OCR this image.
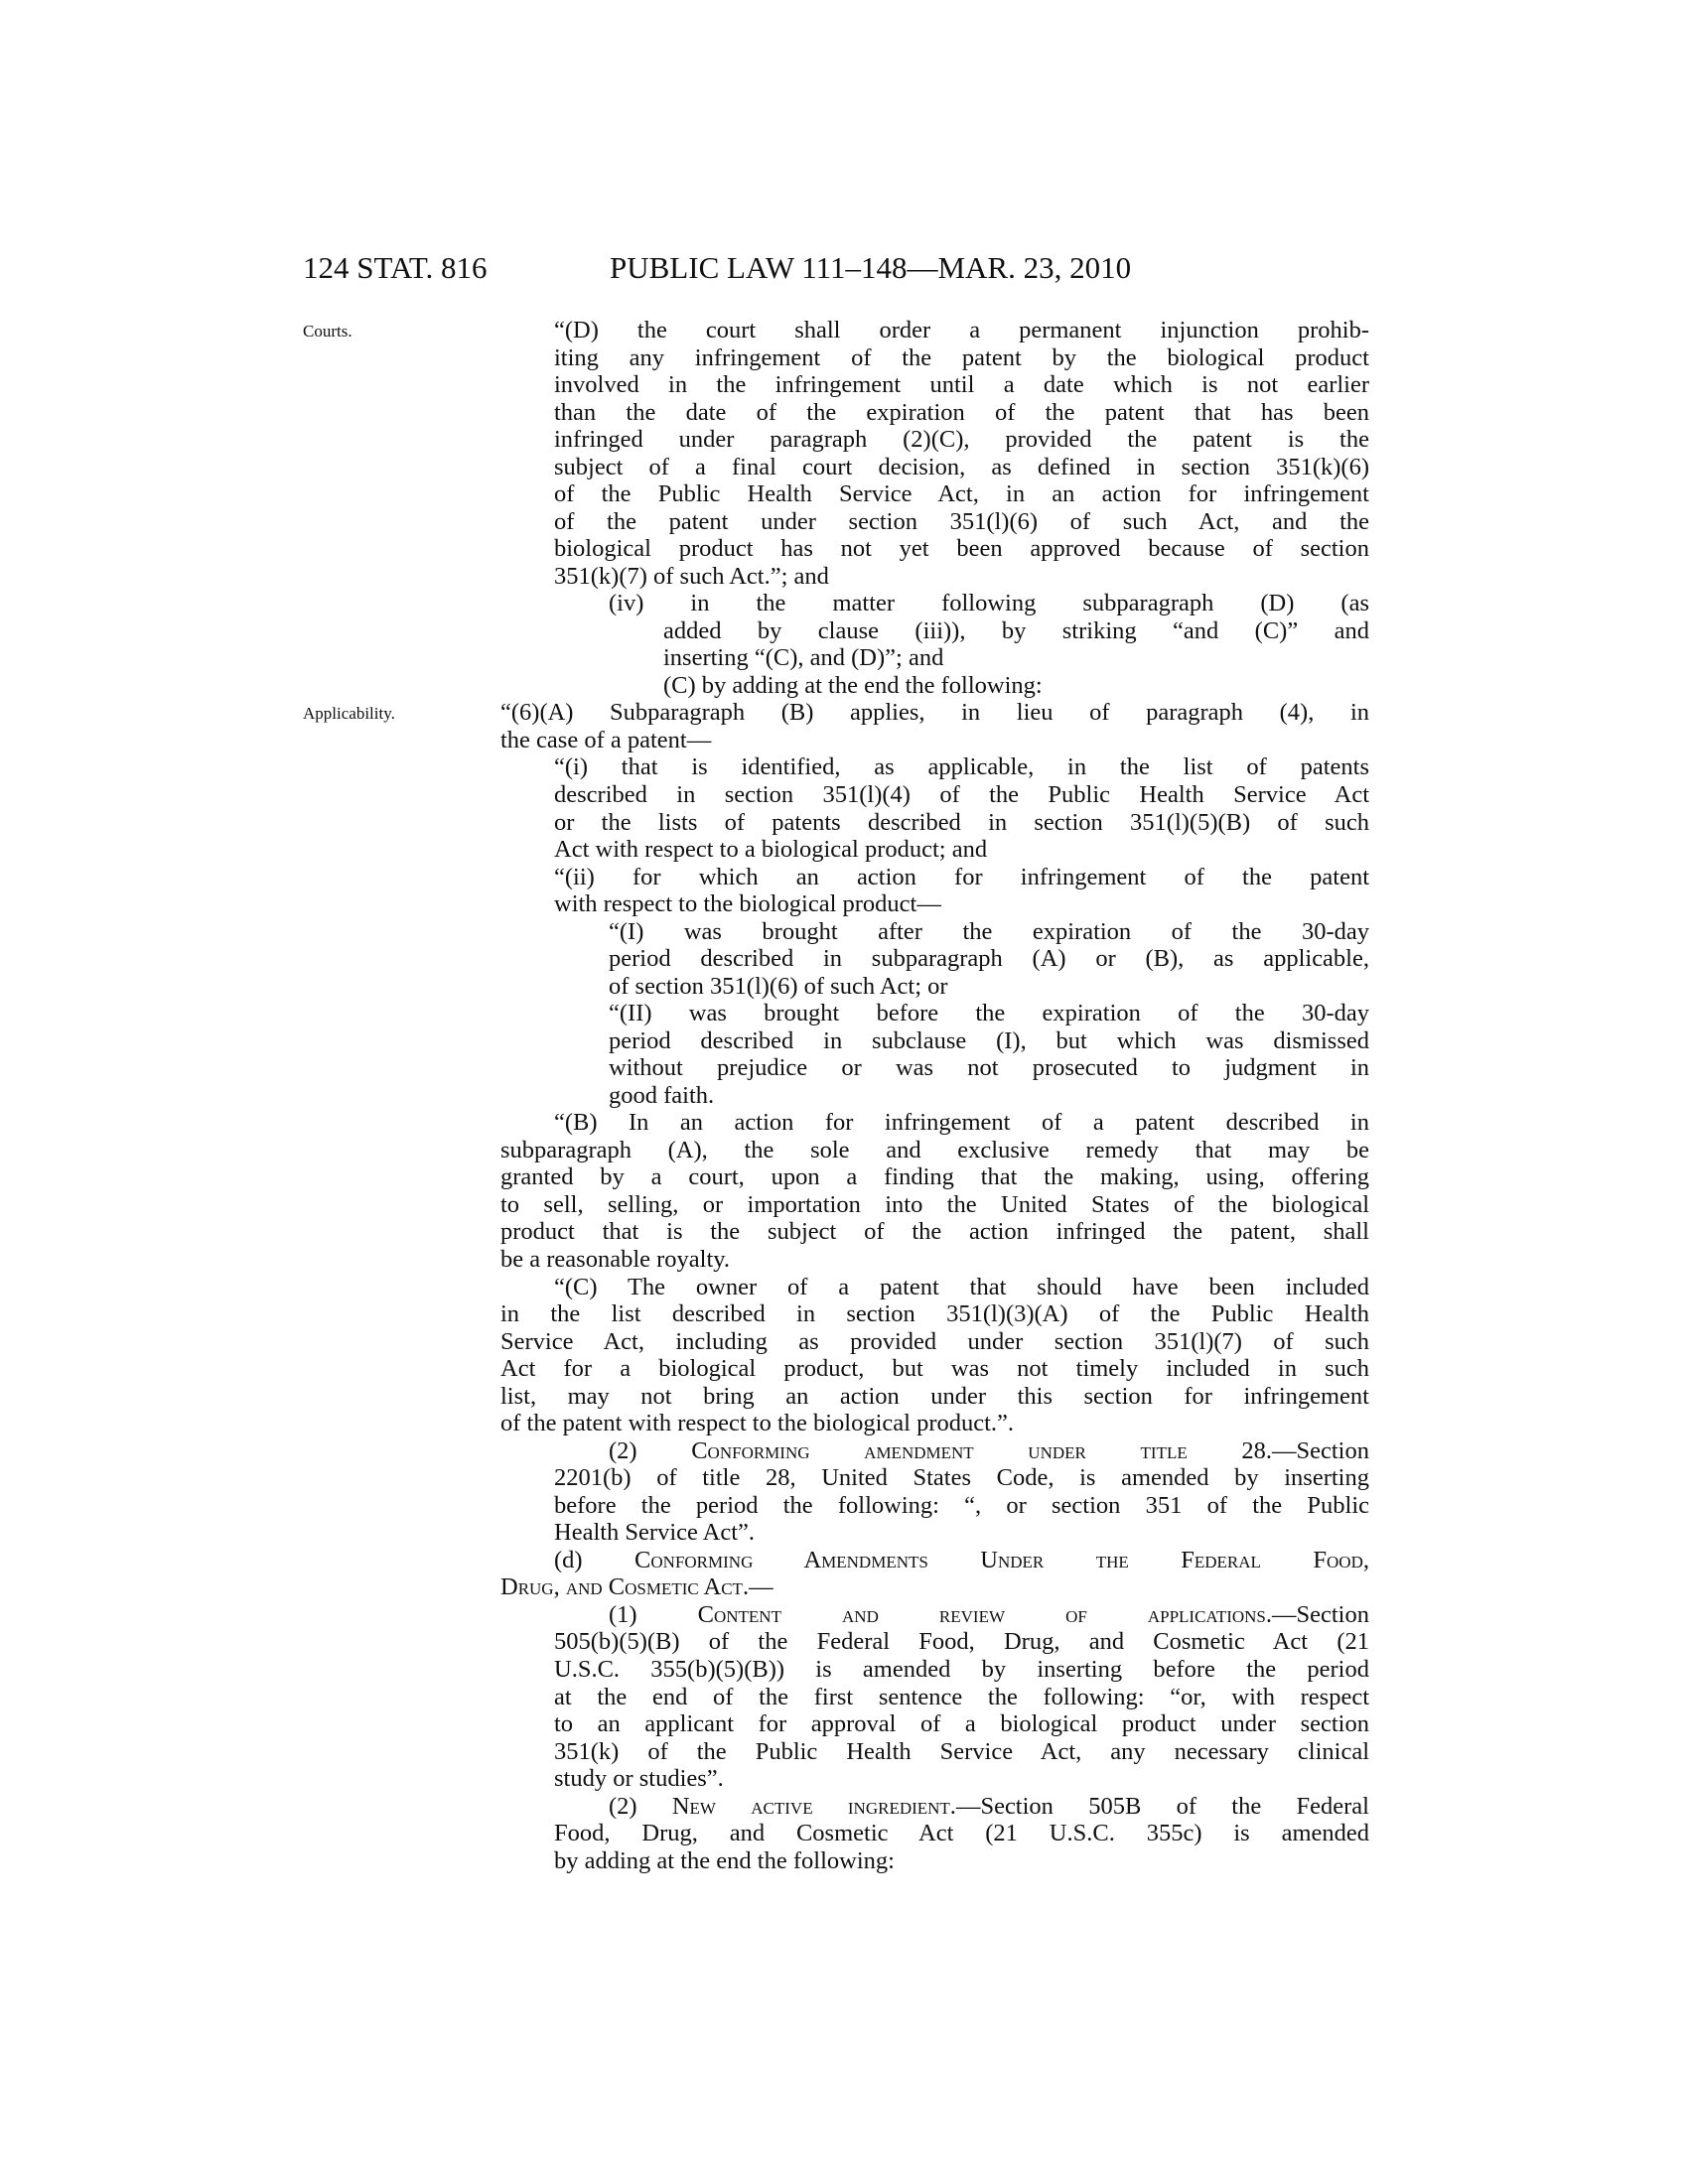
124 STAT. 816	PUBLIC LAW 111–148—MAR. 23, 2010
Courts.
Applicability.
“(D) the court shall order a permanent injunction prohib-
iting any infringement of the patent by the biological product
involved in the infringement until a date which is not earlier
than the date of the expiration of the patent that has been
infringed under paragraph (2)(C), provided the patent is the
subject of a final court decision, as defined in section 351(k)(6)
of the Public Health Service Act, in an action for infringement
of the patent under section 351(l)(6) of such Act, and the
biological product has not yet been approved because of section
351(k)(7) of such Act.”; and
(iv) in the matter following subparagraph (D) (as
added by clause (iii)), by striking “and (C)” and
inserting “(C), and (D)”; and
(C) by adding at the end the following:
“(6)(A) Subparagraph (B) applies, in lieu of paragraph (4), in
the case of a patent—
“(i) that is identified, as applicable, in the list of patents
described in section 351(l)(4) of the Public Health Service Act
or the lists of patents described in section 351(l)(5)(B) of such
Act with respect to a biological product; and
“(ii) for which an action for infringement of the patent
with respect to the biological product—
“(I) was brought after the expiration of the 30-day
period described in subparagraph (A) or (B), as applicable,
of section 351(l)(6) of such Act; or
“(II) was brought before the expiration of the 30-day
period described in subclause (I), but which was dismissed
without prejudice or was not prosecuted to judgment in
good faith.
“(B) In an action for infringement of a patent described in
subparagraph (A), the sole and exclusive remedy that may be
granted by a court, upon a finding that the making, using, offering
to sell, selling, or importation into the United States of the biological
product that is the subject of the action infringed the patent, shall
be a reasonable royalty.
“(C) The owner of a patent that should have been included
in the list described in section 351(l)(3)(A) of the Public Health
Service Act, including as provided under section 351(l)(7) of such
Act for a biological product, but was not timely included in such
list, may not bring an action under this section for infringement
of the patent with respect to the biological product.”.
(2) Conforming amendment under title 28.—Section
2201(b) of title 28, United States Code, is amended by inserting
before the period the following: “, or section 351 of the Public
Health Service Act”.
(d) Conforming Amendments Under the Federal Food,
Drug, and Cosmetic Act.—
(1) Content and review of applications.—Section
505(b)(5)(B) of the Federal Food, Drug, and Cosmetic Act (21
U.S.C. 355(b)(5)(B)) is amended by inserting before the period
at the end of the first sentence the following: “or, with respect
to an applicant for approval of a biological product under section
351(k) of the Public Health Service Act, any necessary clinical
study or studies”.
(2) New active ingredient.—Section 505B of the Federal
Food, Drug, and Cosmetic Act (21 U.S.C. 355c) is amended
by adding at the end the following:
